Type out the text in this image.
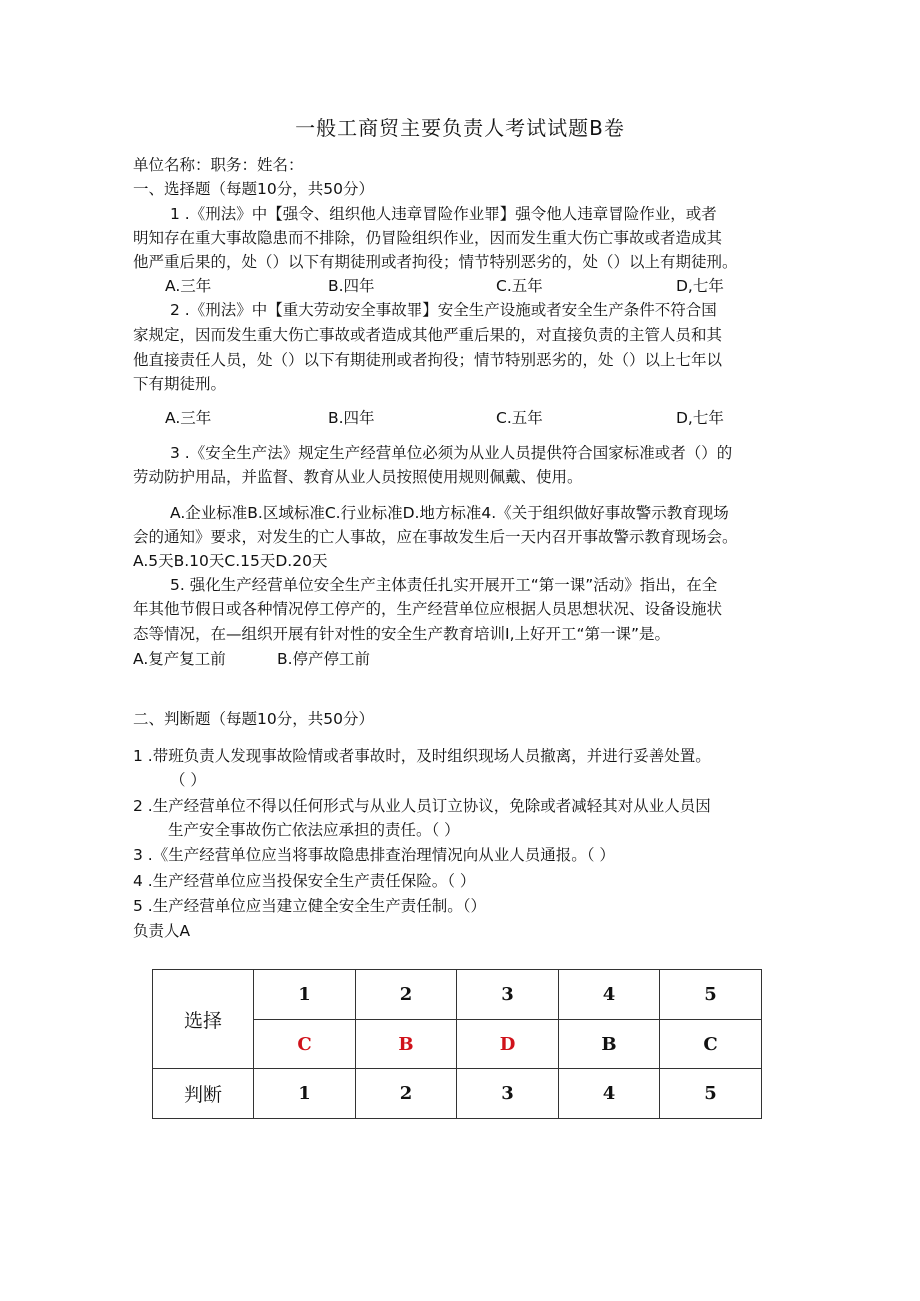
一般工商贸主要负责人考试试题B卷
单位名称：职务：姓名：
一、选择题（每题10分，共50分）
1 .《刑法》中【强令、组织他人违章冒险作业罪】强令他人违章冒险作业，或者
明知存在重大事故隐患而不排除，仍冒险组织作业，因而发生重大伤亡事故或者造成其
他严重后果的，处（）以下有期徒刑或者拘役；情节特别恶劣的，处（）以上有期徒刑。
A.三年	B.四年	C.五年	D,七年
2 .《刑法》中【重大劳动安全事故罪】安全生产设施或者安全生产条件不符合国
家规定，因而发生重大伤亡事故或者造成其他严重后果的，对直接负责的主管人员和其
他直接责任人员，处（）以下有期徒刑或者拘役；情节特别恶劣的，处（）以上七年以
下有期徒刑。
A.三年	B.四年	C.五年	D,七年
3 .《安全生产法》规定生产经营单位必须为从业人员提供符合国家标准或者（）的
劳动防护用品，并监督、教育从业人员按照使用规则佩戴、使用。
A.企业标准B.区域标准C.行业标准D.地方标准4.《关于组织做好事故警示教育现场
会的通知》要求，对发生的亡人事故，应在事故发生后一天内召开事故警示教育现场会。
A.5天B.10天C.15天D.20天
5. 强化生产经营单位安全生产主体责任扎实开展开工“第一课”活动》指出，在全
年其他节假日或各种情况停工停产的，生产经营单位应根据人员思想状况、设备设施状
态等情况，在—组织开展有针对性的安全生产教育培训I,上好开工“第一课”是。
A.复产复工前	B.停产停工前
二、判断题（每题10分，共50分）
1 .带班负责人发现事故险情或者事故时，及时组织现场人员撤离，并进行妥善处置。
（ ）
2 .生产经营单位不得以任何形式与从业人员订立协议，免除或者减轻其对从业人员因
生产安全事故伤亡依法应承担的责任。（ ）
3 .《生产经营单位应当将事故隐患排查治理情况向从业人员通报。（ ）
4 .生产经营单位应当投保安全生产责任保险。（ ）
5 .生产经营单位应当建立健全安全生产责任制。（）
负责人A
选择	1	2	3	4	5
	C	B	D	B	C
判断	1	2	3	4	5
